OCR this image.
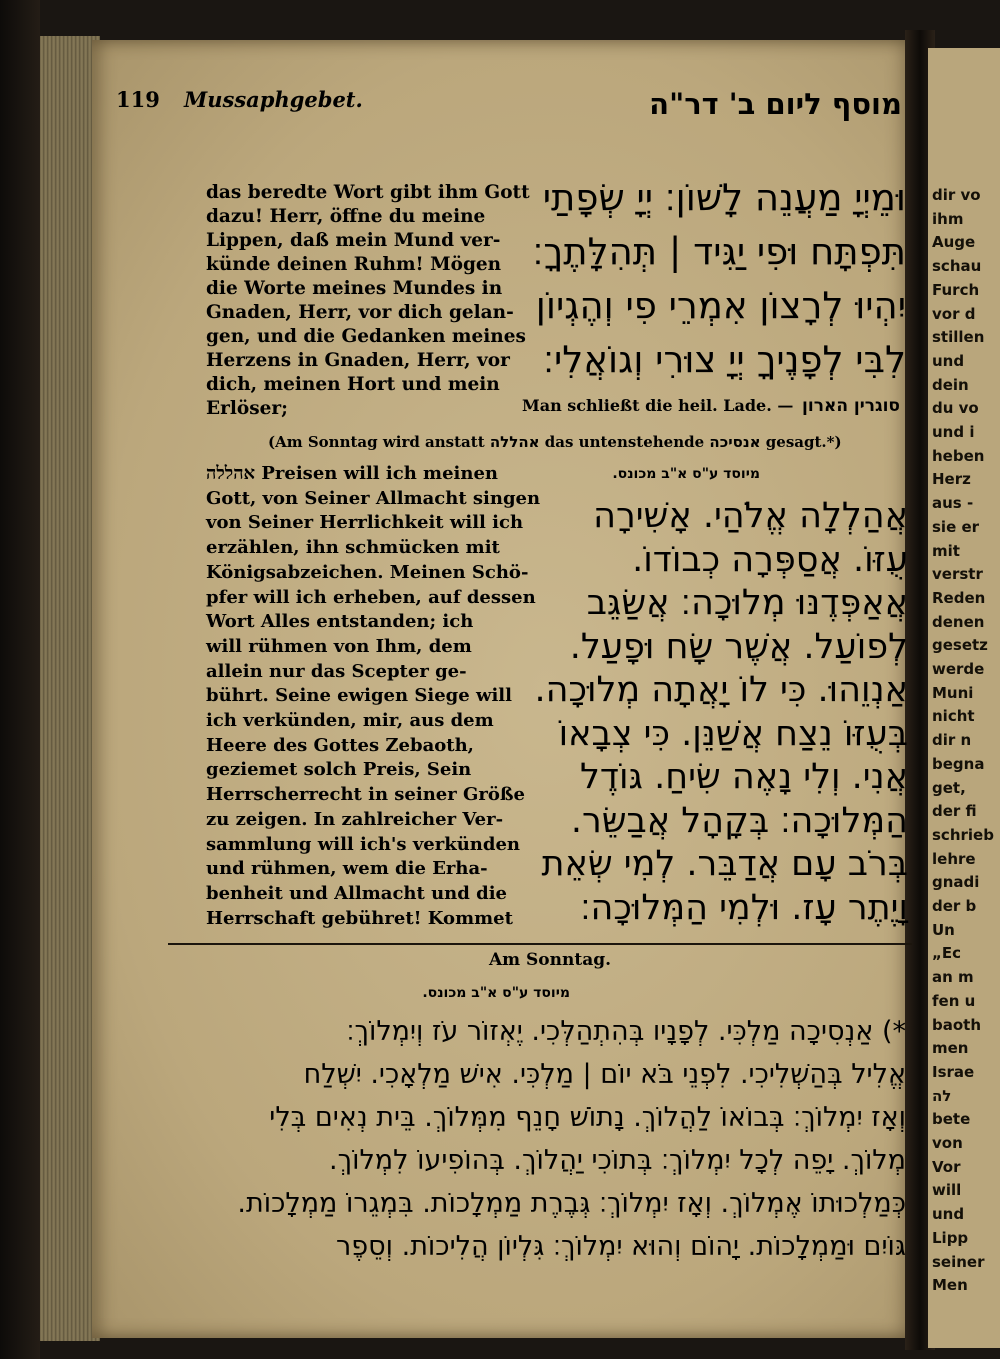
dir vo
ihm
Auge
schau
Furch
vor d
stillen
und
dein
du vo
und i
heben
Herz
aus -
sie er
mit
verstr
Reden
denen
gesetz
werde
Muni
nicht
dir n
begna
get,
der fi
schrieb
lehre
gnadi
der b
Un
„Ec
an m
fen u
baoth
men
Israe
לה
bete
von
Vor
will
und
Lipp
seiner
Men
119 Mussaphgebet.	מוסף ליום ב' דר"ה
das beredte Wort gibt ihm Gott
dazu! Herr, öffne du meine
Lippen, daß mein Mund ver-
künde deinen Ruhm! Mögen
die Worte meines Mundes in
Gnaden, Herr, vor dich gelan-
gen, und die Gedanken meines
Herzens in Gnaden, Herr, vor
dich, meinen Hort und mein
Erlöser;
וּמֵיְיָ מַעֲנֵה לָשׁוֹן׃ יְיָ שְׂפָתַי
תִּפְתָּח וּפִי יַגִּיד | תְּהִלָּתֶךָ׃
יִהְיוּ לְרָצוֹן אִמְרֵי פִי וְהֶגְיוֹן
לִבִּי לְפָנֶיךָ יְיָ צוּרִי וְגוֹאֲלִי׃
Man schließt die heil. Lade. — סוגרין הארון
(Am Sonntag wird anstatt אהללה das untenstehende אנסיכה gesagt.*)
אהללה Preisen will ich meinen
Gott, von Seiner Allmacht singen
von Seiner Herrlichkeit will ich
erzählen, ihn schmücken mit
Königsabzeichen. Meinen Schö-
pfer will ich erheben, auf dessen
Wort Alles entstanden; ich
will rühmen von Ihm, dem
allein nur das Scepter ge-
bührt. Seine ewigen Siege will
ich verkünden, mir, aus dem
Heere des Gottes Zebaoth,
geziemet solch Preis, Sein
Herrscherrecht in seiner Größe
zu zeigen. In zahlreicher Ver-
sammlung will ich's verkünden
und rühmen, wem die Erha-
benheit und Allmacht und die
Herrschaft gebühret! Kommet
מיוסד ע"ס א"ב מכונס.
אֲהַלְלָה אֱלֹהַי. אָשִׁירָה
עֻזּוֹ. אֲסַפְּרָה כְבוֹדוֹ.
אֲאַפְּדֶנּוּ מְלוּכָה׃ אֲשַׂגֵּב
לְפוֹעַל. אֲשֶׁר שָׂח וּפָעַל.
אַנְוֵהוּ. כִּי לוֹ יָאֲתָה מְלוּכָה.
בְּעֻזּוֹ נֵצַח אֲשַׁנֵּן. כִּי צְבָאוֹ
אֲנִי. וְלִי נָאֶה שִׂיחַ. גּוֹדֶל
הַמְּלוּכָה׃ בְּקָהָל אֲבַשֵּׂר.
בְּרֹב עָם אֲדַבֵּר. לְמִי שְׂאֵת
וָיֶתֶר עָז. וּלְמִי הַמְּלוּכָה׃
Am Sonntag.
מיוסד ע"ס א"ב מכונס.
*) אַנְסִיכָה מַלְכִּי. לְפָנָיו בְּהִתְהַלְּכִי. יֶאְזוֹר עֹז וְיִמְלוֹךְ׃
אֱלִיל בְּהַשְׁלִיכִי. לִפְנֵי בֹּא יוֹם | מַלְכִּי. אִישׁ מַלְאָכִי. יִשְׁלַח
וְאָז יִמְלוֹךְ׃ בְּבוֹאוֹ לַהֲלוֹךְ. נָתוֹשׁ חָנֵף מִמְּלוֹךְ. בֵּית נְאִים בְּלִי
מְלוֹךְ. יָפֵה לְכָל יִמְלוֹךְ׃ בְּתוֹכִי יַהֲלוֹךְ. בְּהוֹפִיעוֹ לִמְלוֹךְ.
כְּמַלְכוּתוֹ אֶמְלוֹךְ. וְאָז יִמְלוֹךְ׃ גְּבֶרֶת מַמְלָכוֹת. בִּמְגֵרוֹ מַמְלָכוֹת.
גּוֹיִם וּמַמְלָכוֹת. יָהוֹם וְהוּא יִמְלוֹךְ׃ גִּלְיוֹן הֲלִיכוֹת. וְסֵפֶר
